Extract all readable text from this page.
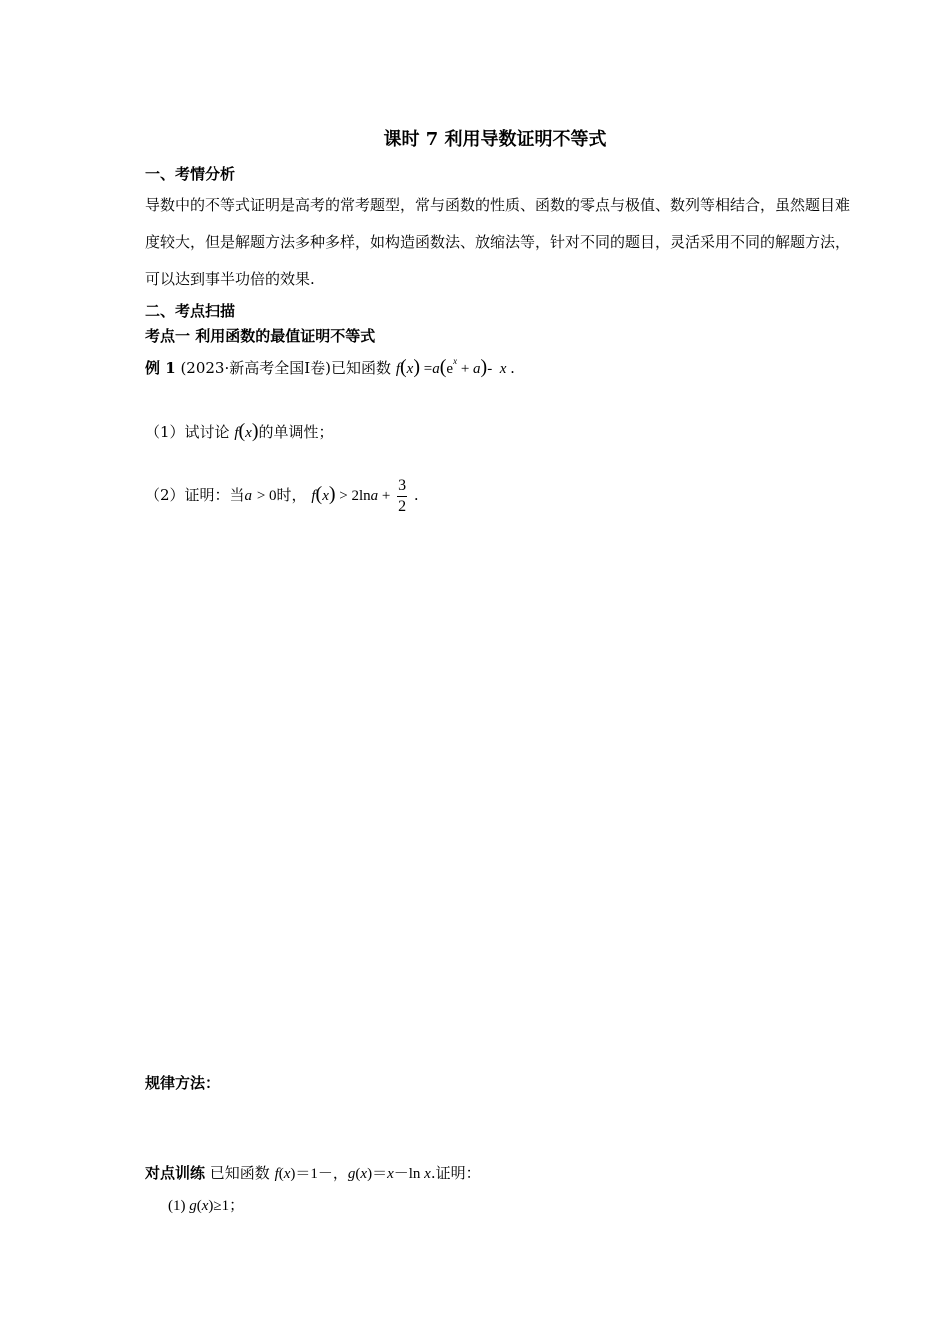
课时 7 利用导数证明不等式
一、考情分析
导数中的不等式证明是高考的常考题型，常与函数的性质、函数的零点与极值、数列等相结合，虽然题目难度较大，但是解题方法多种多样，如构造函数法、放缩法等，针对不同的题目，灵活采用不同的解题方法，可以达到事半功倍的效果.
二、考点扫描
考点一 利用函数的最值证明不等式
例 1 (2023·新高考全国Ⅰ卷)已知函数 $f(x) =a(e^x + a)-$ x .
（1）试讨论 f(x)的单调性；
（2）证明：当a > 0时， $f(x) > 2\ln a + \frac{3}{2}$ .
规律方法：
对点训练 已知函数 f(x)＝1－，g(x)＝x－ln x.证明：
(1) g(x)≥1；
